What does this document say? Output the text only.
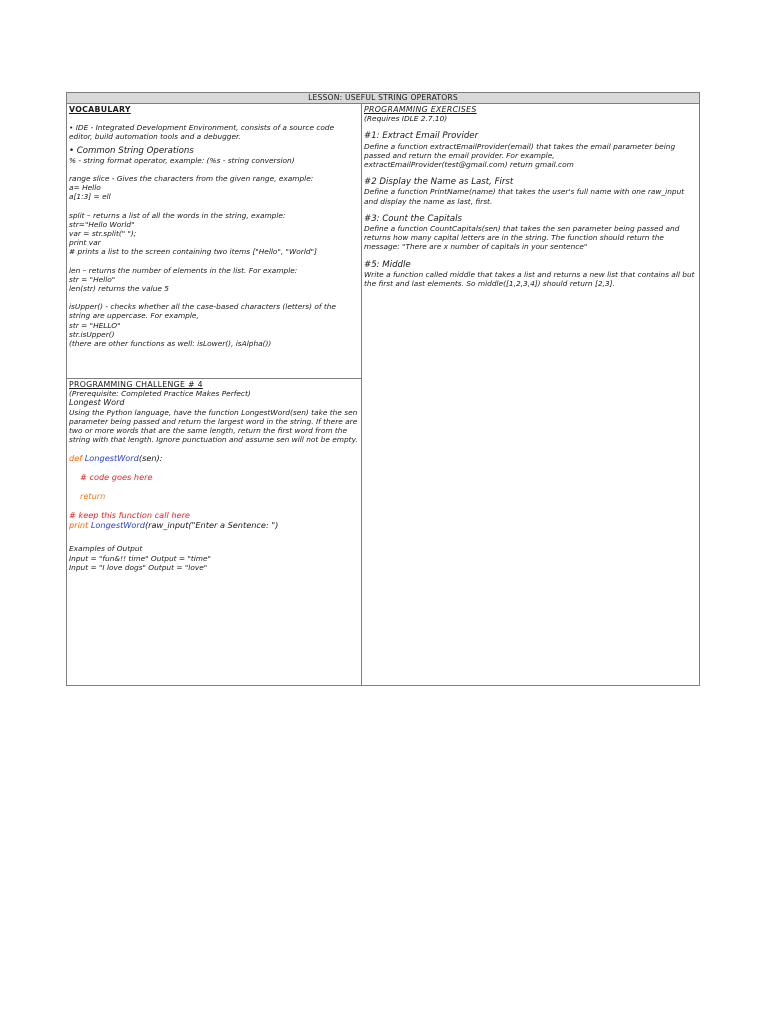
LESSON: USEFUL STRING OPERATORS
VOCABULARY
• IDE - Integrated Development Environment, consists of a source code editor, build automation tools and a debugger.
• Common String Operations
% - string format operator, example: (%s - string conversion)
range slice - Gives the characters from the given range, example:
a= Hello
a[1:3] = ell
split – returns a list of all the words in the string, example:
str="Hello World"
var = str.split(" ");
print var
# prints a list to the screen containing two items ["Hello", "World"]
len – returns the number of elements in the list. For example:
str = "Hello"
len(str) returns the value 5
isUpper() - checks whether all the case-based characters (letters) of the string are uppercase. For example,
str = "HELLO"
str.isUpper()
(there are other functions as well: isLower(), isAlpha())
PROGRAMMING CHALLENGE # 4
(Prerequisite: Completed Practice Makes Perfect)
Longest Word
Using the Python language, have the function LongestWord(sen) take the sen parameter being passed and return the largest word in the string. If there are two or more words that are the same length, return the first word from the string with that length. Ignore punctuation and assume sen will not be empty.
def LongestWord(sen):
# code goes here
return
# keep this function call here
print LongestWord(raw_input("Enter a Sentence: ")
Examples of Output
Input = "fun&!! time" Output = "time"
Input = "I love dogs" Output = "love"
PROGRAMMING EXERCISES
(Requires IDLE 2.7.10)
#1: Extract Email Provider
Define a function extractEmailProvider(email) that takes the email parameter being passed and return the email provider. For example, extractEmailProvider(test@gmail.com) return gmail.com
#2 Display the Name as Last, First
Define a function PrintName(name) that takes the user's full name with one raw_input and display the name as last, first.
#3: Count the Capitals
Define a function CountCapitals(sen) that takes the sen parameter being passed and returns how many capital letters are in the string. The function should return the message: "There are x number of capitals in your sentence"
#5: Middle
Write a function called middle that takes a list and returns a new list that contains all but the first and last elements. So middle([1,2,3,4]) should return [2,3].
